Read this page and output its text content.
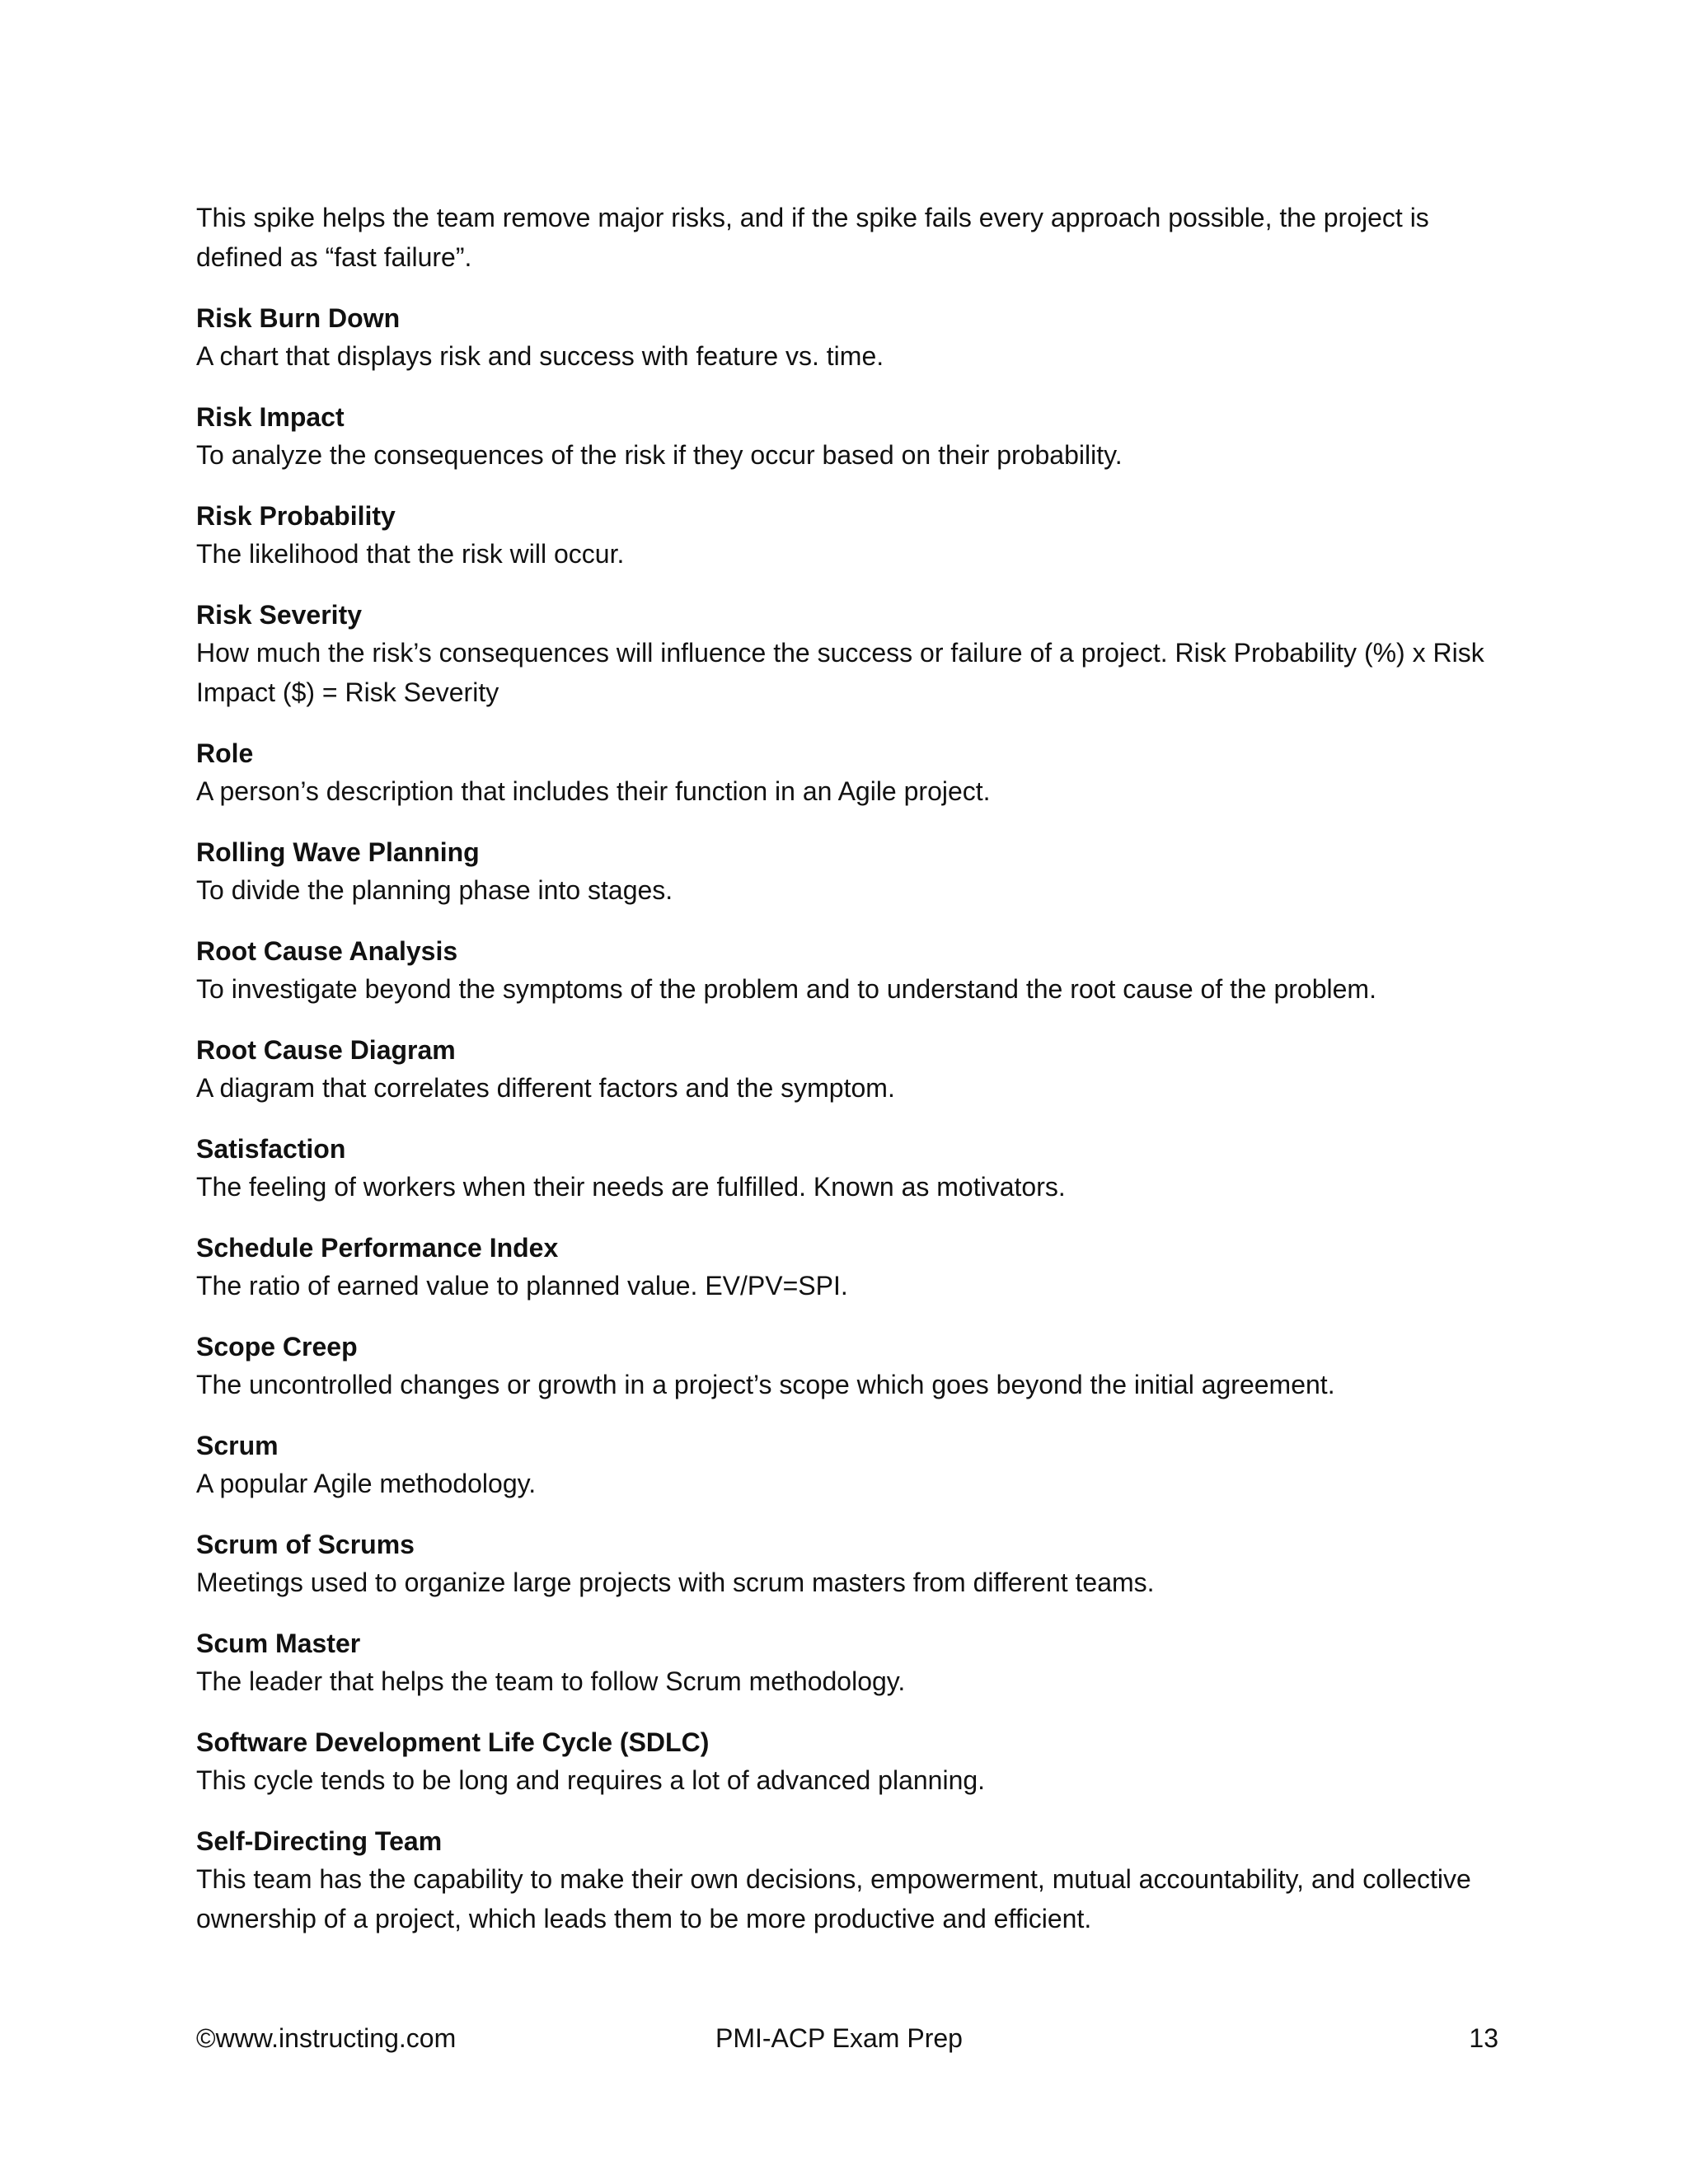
This spike helps the team remove major risks, and if the spike fails every approach possible, the project is defined as “fast failure”.

Risk Burn Down

A chart that displays risk and success with feature vs. time.

Risk Impact

To analyze the consequences of the risk if they occur based on their probability.

Risk Probability

The likelihood that the risk will occur.

Risk Severity

How much the risk’s consequences will influence the success or failure of a project. Risk Probability (%) x Risk Impact ($) = Risk Severity

Role

A person’s description that includes their function in an Agile project.

Rolling Wave Planning

To divide the planning phase into stages.

Root Cause Analysis

To investigate beyond the symptoms of the problem and to understand the root cause of the problem.

Root Cause Diagram

A diagram that correlates different factors and the symptom.

Satisfaction

The feeling of workers when their needs are fulfilled. Known as motivators.

Schedule Performance Index

The ratio of earned value to planned value. EV/PV=SPI.

Scope Creep

The uncontrolled changes or growth in a project’s scope which goes beyond the initial agreement.

Scrum

A popular Agile methodology.

Scrum of Scrums

Meetings used to organize large projects with scrum masters from different teams.

Scum Master

The leader that helps the team to follow Scrum methodology.

Software Development Life Cycle (SDLC)

This cycle tends to be long and requires a lot of advanced planning.

Self-Directing Team

This team has the capability to make their own decisions, empowerment, mutual accountability, and collective ownership of a project, which leads them to be more productive and efficient.

©www.instructing.com	PMI-ACP Exam Prep	13
